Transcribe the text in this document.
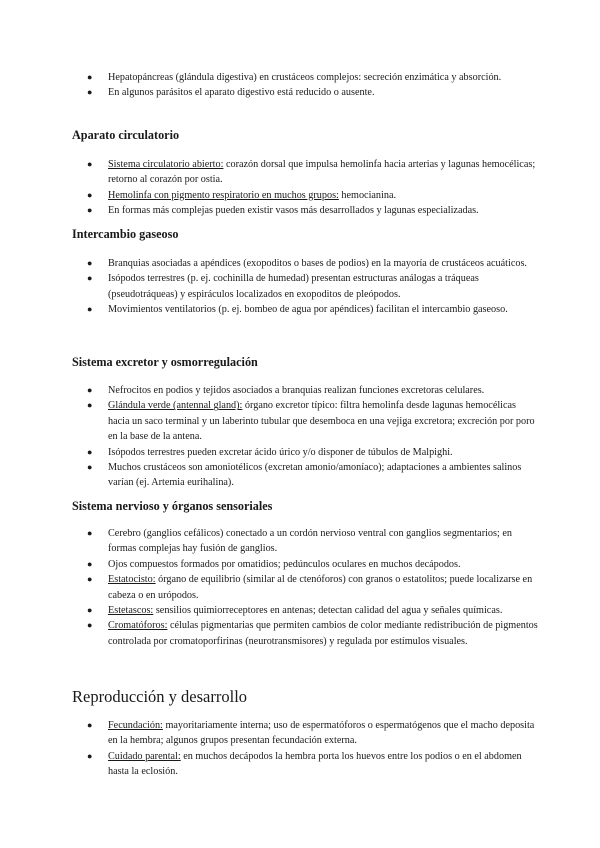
● Hepatopáncreas (glándula digestiva) en crustáceos complejos: secreción enzimática y absorción.
● En algunos parásitos el aparato digestivo está reducido o ausente.
Aparato circulatorio
● Sistema circulatorio abierto: corazón dorsal que impulsa hemolinfa hacia arterias y lagunas hemocélicas; retorno al corazón por ostia.
● Hemolinfa con pigmento respiratorio en muchos grupos: hemocianina.
● En formas más complejas pueden existir vasos más desarrollados y lagunas especializadas.
Intercambio gaseoso
● Branquias asociadas a apéndices (exopoditos o bases de podios) en la mayoría de crustáceos acuáticos.
● Isópodos terrestres (p. ej. cochinilla de humedad) presentan estructuras análogas a tráqueas (pseudotráqueas) y espiráculos localizados en exopoditos de pleópodos.
● Movimientos ventilatorios (p. ej. bombeo de agua por apéndices) facilitan el intercambio gaseoso.
Sistema excretor y osmorregulación
● Nefrocitos en podios y tejidos asociados a branquias realizan funciones excretoras celulares.
● Glándula verde (antennal gland): órgano excretor típico: filtra hemolinfa desde lagunas hemocélicas hacia un saco terminal y un laberinto tubular que desemboca en una vejiga excretora; excreción por poro en la base de la antena.
● Isópodos terrestres pueden excretar ácido úrico y/o disponer de túbulos de Malpighi.
● Muchos crustáceos son amoniotélicos (excretan amonio/amoníaco); adaptaciones a ambientes salinos varían (ej. Artemia eurihalina).
Sistema nervioso y órganos sensoriales
● Cerebro (ganglios cefálicos) conectado a un cordón nervioso ventral con ganglios segmentarios; en formas complejas hay fusión de ganglios.
● Ojos compuestos formados por omatidios; pedúnculos oculares en muchos decápodos.
● Estatocisto: órgano de equilibrio (similar al de ctenóforos) con granos o estatolitos; puede localizarse en cabeza o en urópodos.
● Estetascos: sensilios quimiorreceptores en antenas; detectan calidad del agua y señales químicas.
● Cromatóforos: células pigmentarias que permiten cambios de color mediante redistribución de pigmentos controlada por cromatoporfirinas (neurotransmisores) y regulada por estímulos visuales.
Reproducción y desarrollo
● Fecundación: mayoritariamente interna; uso de espermatóforos o espermatógenos que el macho deposita en la hembra; algunos grupos presentan fecundación externa.
● Cuidado parental: en muchos decápodos la hembra porta los huevos entre los podios o en el abdomen hasta la eclosión.
